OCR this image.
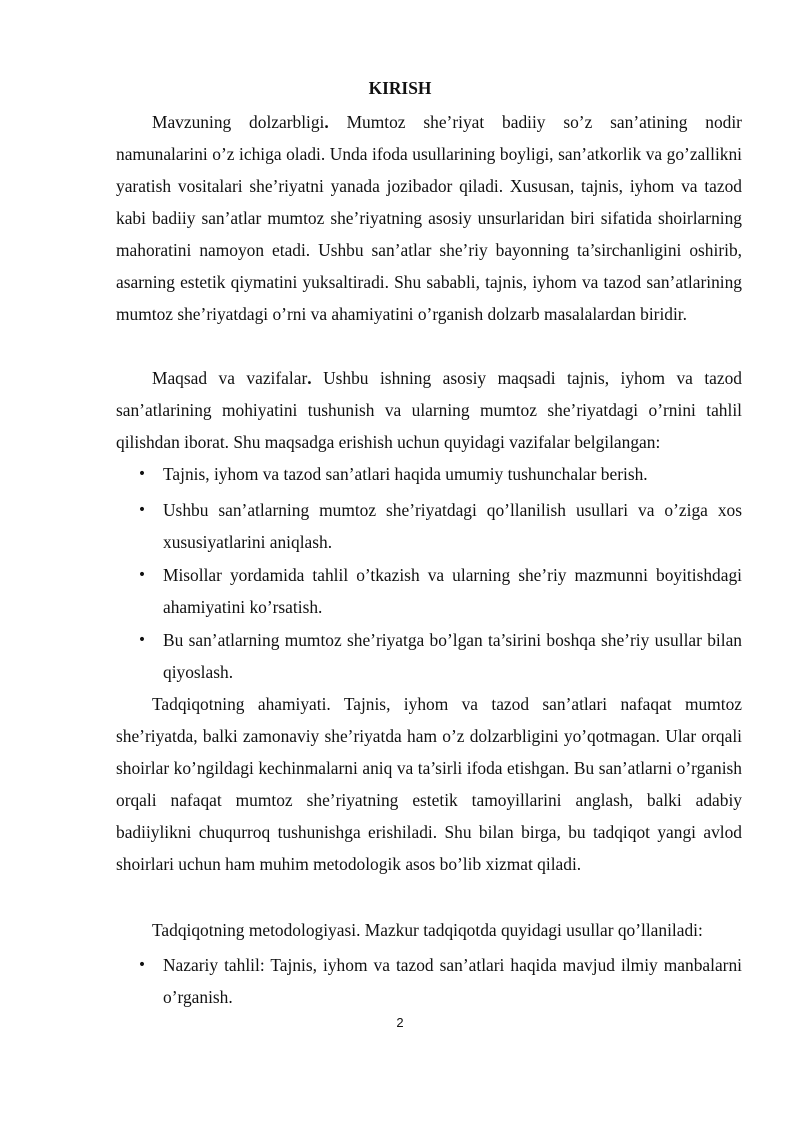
KIRISH

Mavzuning dolzarbligi. Mumtoz she’riyat badiiy so’z san’atining nodir namunalarini o’z ichiga oladi. Unda ifoda usullarining boyligi, san’atkorlik va go’zallikni yaratish vositalari she’riyatni yanada jozibador qiladi. Xususan, tajnis, iyhom va tazod kabi badiiy san’atlar mumtoz she’riyatning asosiy unsurlaridan biri sifatida shoirlarning mahoratini namoyon etadi. Ushbu san’atlar she’riy bayonning ta’sirchanligini oshirib, asarning estetik qiymatini yuksaltiradi. Shu sababli, tajnis, iyhom va tazod san’atlarining mumtoz she’riyatdagi o’rni va ahamiyatini o’rganish dolzarb masalalardan biridir.

Maqsad va vazifalar. Ushbu ishning asosiy maqsadi tajnis, iyhom va tazod san’atlarining mohiyatini tushunish va ularning mumtoz she’riyatdagi o’rnini tahlil qilishdan iborat. Shu maqsadga erishish uchun quyidagi vazifalar belgilangan:

• Tajnis, iyhom va tazod san’atlari haqida umumiy tushunchalar berish.

• Ushbu san’atlarning mumtoz she’riyatdagi qo’llanilish usullari va o’ziga xos xususiyatlarini aniqlash.

• Misollar yordamida tahlil o’tkazish va ularning she’riy mazmunni boyitishdagi ahamiyatini ko’rsatish.

• Bu san’atlarning mumtoz she’riyatga bo’lgan ta’sirini boshqa she’riy usullar bilan qiyoslash.

Tadqiqotning ahamiyati. Tajnis, iyhom va tazod san’atlari nafaqat mumtoz she’riyatda, balki zamonaviy she’riyatda ham o’z dolzarbligini yo’qotmagan. Ular orqali shoirlar ko’ngildagi kechinmalarni aniq va ta’sirli ifoda etishgan. Bu san’atlarni o’rganish orqali nafaqat mumtoz she’riyatning estetik tamoyillarini anglash, balki adabiy badiiylikni chuqurroq tushunishga erishiladi. Shu bilan birga, bu tadqiqot yangi avlod shoirlari uchun ham muhim metodologik asos bo’lib xizmat qiladi.

Tadqiqotning metodologiyasi. Mazkur tadqiqotda quyidagi usullar qo’llaniladi:

• Nazariy tahlil: Tajnis, iyhom va tazod san’atlari haqida mavjud ilmiy manbalarni o’rganish.

2
